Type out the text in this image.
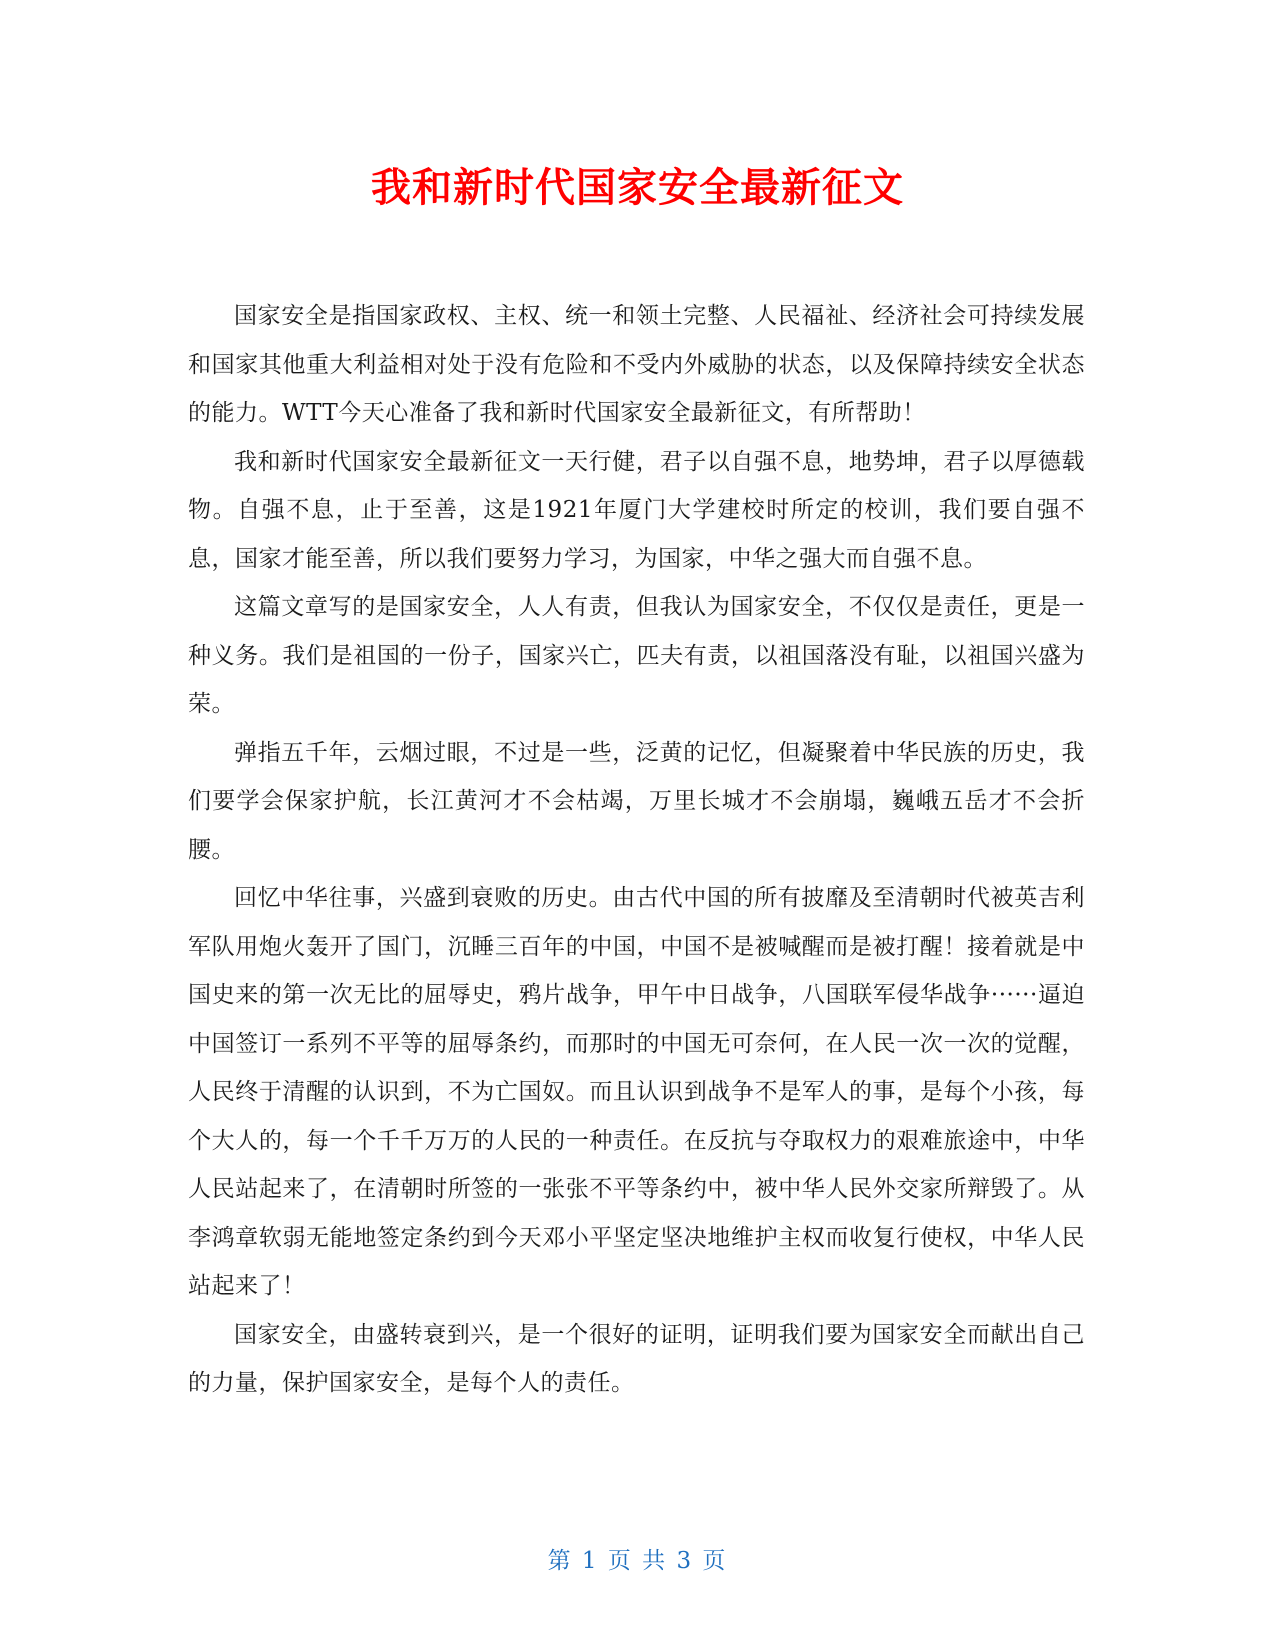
我和新时代国家安全最新征文

国家安全是指国家政权、主权、统一和领土完整、人民福祉、经济社会可持续发展和国家其他重大利益相对处于没有危险和不受内外威胁的状态，以及保障持续安全状态的能力。WTT今天心准备了我和新时代国家安全最新征文，有所帮助！

我和新时代国家安全最新征文一天行健，君子以自强不息，地势坤，君子以厚德载物。自强不息，止于至善，这是1921年厦门大学建校时所定的校训，我们要自强不息，国家才能至善，所以我们要努力学习，为国家，中华之强大而自强不息。

这篇文章写的是国家安全，人人有责，但我认为国家安全，不仅仅是责任，更是一种义务。我们是祖国的一份子，国家兴亡，匹夫有责，以祖国落没有耻，以祖国兴盛为荣。

弹指五千年，云烟过眼，不过是一些，泛黄的记忆，但凝聚着中华民族的历史，我们要学会保家护航，长江黄河才不会枯竭，万里长城才不会崩塌，巍峨五岳才不会折腰。

回忆中华往事，兴盛到衰败的历史。由古代中国的所有披靡及至清朝时代被英吉利军队用炮火轰开了国门，沉睡三百年的中国，中国不是被喊醒而是被打醒！接着就是中国史来的第一次无比的屈辱史，鸦片战争，甲午中日战争，八国联军侵华战争······逼迫中国签订一系列不平等的屈辱条约，而那时的中国无可奈何，在人民一次一次的觉醒，人民终于清醒的认识到，不为亡国奴。而且认识到战争不是军人的事，是每个小孩，每个大人的，每一个千千万万的人民的一种责任。在反抗与夺取权力的艰难旅途中，中华人民站起来了，在清朝时所签的一张张不平等条约中，被中华人民外交家所辩毁了。从李鸿章软弱无能地签定条约到今天邓小平坚定坚决地维护主权而收复行使权，中华人民站起来了！

国家安全，由盛转衰到兴，是一个很好的证明，证明我们要为国家安全而献出自己的力量，保护国家安全，是每个人的责任。

第 1 页 共 3 页
